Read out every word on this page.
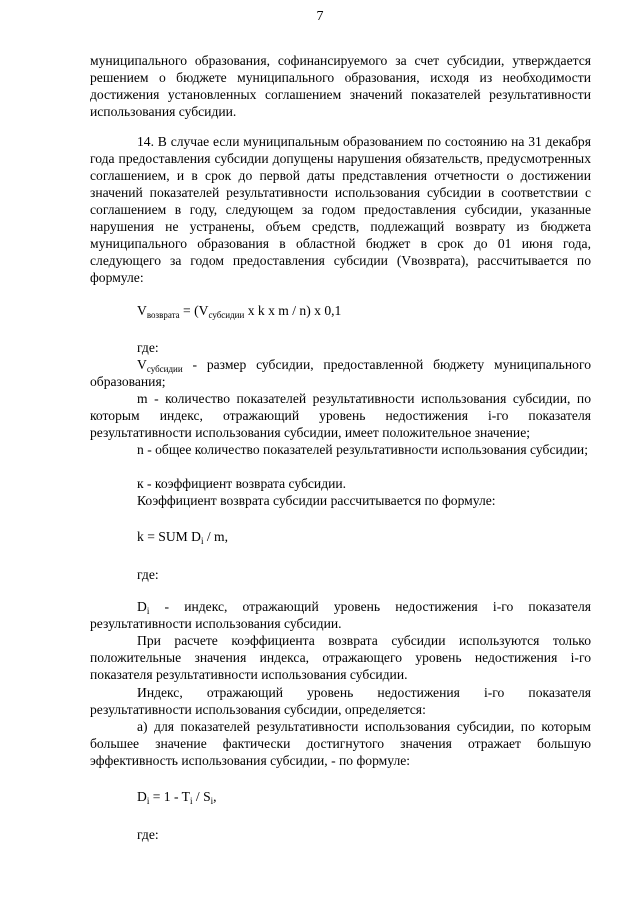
7

муниципального образования, софинансируемого за счет субсидии, утверждается решением о бюджете муниципального образования, исходя из необходимости достижения установленных соглашением значений показателей результативности использования субсидии.

14. В случае если муниципальным образованием по состоянию на 31 декабря года предоставления субсидии допущены нарушения обязательств, предусмотренных соглашением, и в срок до первой даты представления отчетности о достижении значений показателей результативности использования субсидии в соответствии с соглашением в году, следующем за годом предоставления субсидии, указанные нарушения не устранены, объем средств, подлежащий возврату из бюджета муниципального образования в областной бюджет в срок до 01 июня года, следующего за годом предоставления субсидии (Vвозврата), рассчитывается по формуле:

$V_{возврата} = (V_{субсидии}$ x k x m / n) x 0,1
где:

$V_{субсидии}$ - размер субсидии, предоставленной бюджету муниципального образования;

m - количество показателей результативности использования субсидии, по которым индекс, отражающий уровень недостижения i-го показателя результативности использования субсидии, имеет положительное значение;

n - общее количество показателей результативности использования субсидии;

к - коэффициент возврата субсидии.

Коэффициент возврата субсидии рассчитывается по формуле:

k = SUM $D_i$ / m,
где:

$D_i$ - индекс, отражающий уровень недостижения i-го показателя результативности использования субсидии.

При расчете коэффициента возврата субсидии используются только положительные значения индекса, отражающего уровень недостижения i-го показателя результативности использования субсидии.

Индекс, отражающий уровень недостижения i-го показателя результативности использования субсидии, определяется:

а) для показателей результативности использования субсидии, по которым большее значение фактически достигнутого значения отражает большую эффективность использования субсидии, - по формуле:

$D_i = 1 - T_i / S_i$,
где:
